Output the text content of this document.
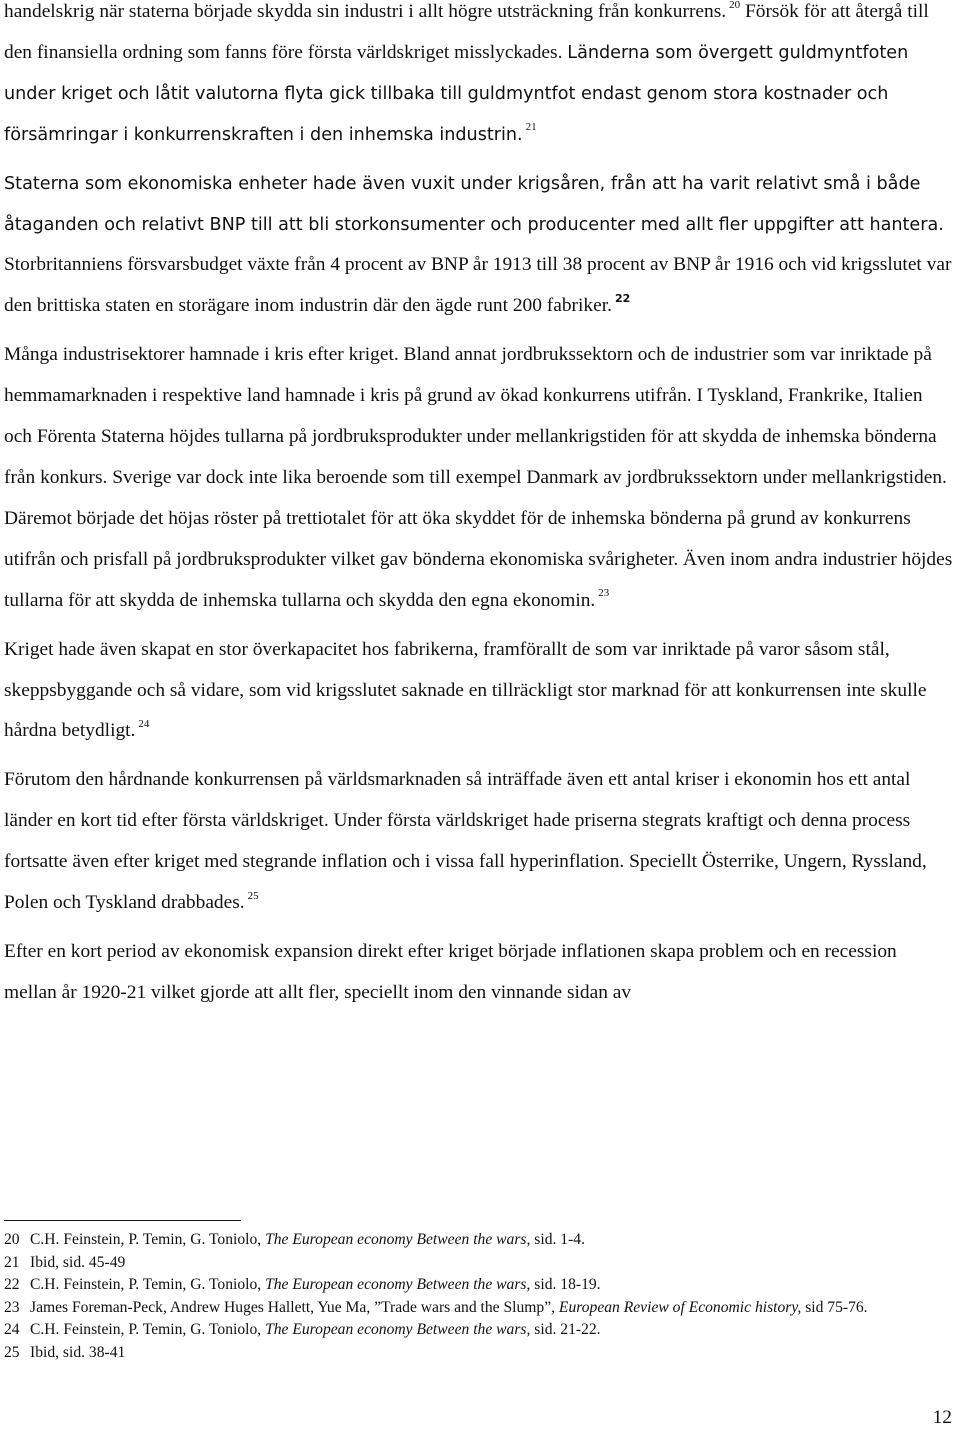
handelskrig när staterna började skydda sin industri i allt högre utsträckning från konkurrens. $^{20}$ Försök för att återgå till den finansiella ordning som fanns före första världskriget misslyckades. Länderna som övergett guldmyntfoten under kriget och låtit valutorna flyta gick tillbaka till guldmyntfot endast genom stora kostnader och försämringar i konkurrenskraften i den inhemska industrin. $^{21}$

Staterna som ekonomiska enheter hade även vuxit under krigsåren, från att ha varit relativt små i både åtaganden och relativt BNP till att bli storkonsumenter och producenter med allt fler uppgifter att hantera. Storbritanniens försvarsbudget växte från 4 procent av BNP år 1913 till 38 procent av BNP år 1916 och vid krigsslutet var den brittiska staten en storägare inom industrin där den ägde runt 200 fabriker. $^{22}$

Många industrisektorer hamnade i kris efter kriget. Bland annat jordbrukssektorn och de industrier som var inriktade på hemmamarknaden i respektive land hamnade i kris på grund av ökad konkurrens utifrån. I Tyskland, Frankrike, Italien och Förenta Staterna höjdes tullarna på jordbruksprodukter under mellankrigstiden för att skydda de inhemska bönderna från konkurs. Sverige var dock inte lika beroende som till exempel Danmark av jordbrukssektorn under mellankrigstiden. Däremot började det höjas röster på trettiotalet för att öka skyddet för de inhemska bönderna på grund av konkurrens utifrån och prisfall på jordbruksprodukter vilket gav bönderna ekonomiska svårigheter. Även inom andra industrier höjdes tullarna för att skydda de inhemska tullarna och skydda den egna ekonomin. $^{23}$

Kriget hade även skapat en stor överkapacitet hos fabrikerna, framförallt de som var inriktade på varor såsom stål, skeppsbyggande och så vidare, som vid krigsslutet saknade en tillräckligt stor marknad för att konkurrensen inte skulle hårdna betydligt. $^{24}$

Förutom den hårdnande konkurrensen på världsmarknaden så inträffade även ett antal kriser i ekonomin hos ett antal länder en kort tid efter första världskriget. Under första världskriget hade priserna stegrats kraftigt och denna process fortsatte även efter kriget med stegrande inflation och i vissa fall hyperinflation. Speciellt Österrike, Ungern, Ryssland, Polen och Tyskland drabbades. $^{25}$

Efter en kort period av ekonomisk expansion direkt efter kriget började inflationen skapa problem och en recession mellan år 1920-21 vilket gjorde att allt fler, speciellt inom den vinnande sidan av

20 C.H. Feinstein, P. Temin, G. Toniolo, The European economy Between the wars, sid. 1-4.
21 Ibid, sid. 45-49
22 C.H. Feinstein, P. Temin, G. Toniolo, The European economy Between the wars, sid. 18-19.
23 James Foreman-Peck, Andrew Huges Hallett, Yue Ma, ”Trade wars and the Slump”, European Review of Economic history, sid 75-76.
24 C.H. Feinstein, P. Temin, G. Toniolo, The European economy Between the wars, sid. 21-22.
25 Ibid, sid. 38-41
12
